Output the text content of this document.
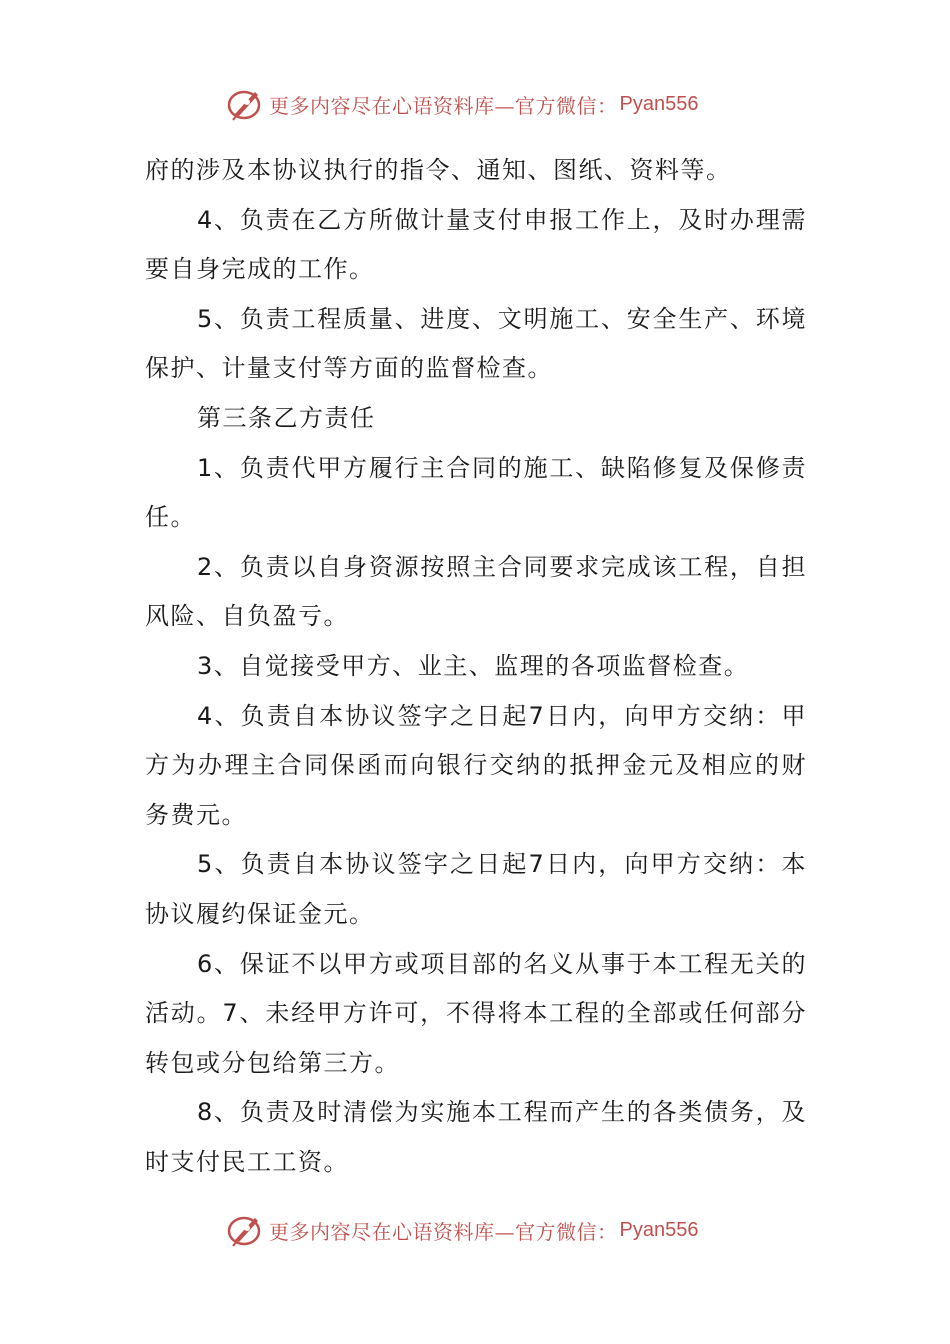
更多内容尽在心语资料库—官方微信： Pyan556

府的涉及本协议执行的指令、通知、图纸、资料等。

4、负责在乙方所做计量支付申报工作上，及时办理需要自身完成的工作。

5、负责工程质量、进度、文明施工、安全生产、环境保护、计量支付等方面的监督检查。

第三条乙方责任

1、负责代甲方履行主合同的施工、缺陷修复及保修责任。

2、负责以自身资源按照主合同要求完成该工程，自担风险、自负盈亏。

3、自觉接受甲方、业主、监理的各项监督检查。

4、负责自本协议签字之日起7日内，向甲方交纳：甲方为办理主合同保函而向银行交纳的抵押金元及相应的财务费元。

5、负责自本协议签字之日起7日内，向甲方交纳：本协议履约保证金元。

6、保证不以甲方或项目部的名义从事于本工程无关的活动。7、未经甲方许可，不得将本工程的全部或任何部分转包或分包给第三方。

8、负责及时清偿为实施本工程而产生的各类债务，及时支付民工工资。

更多内容尽在心语资料库—官方微信： Pyan556
